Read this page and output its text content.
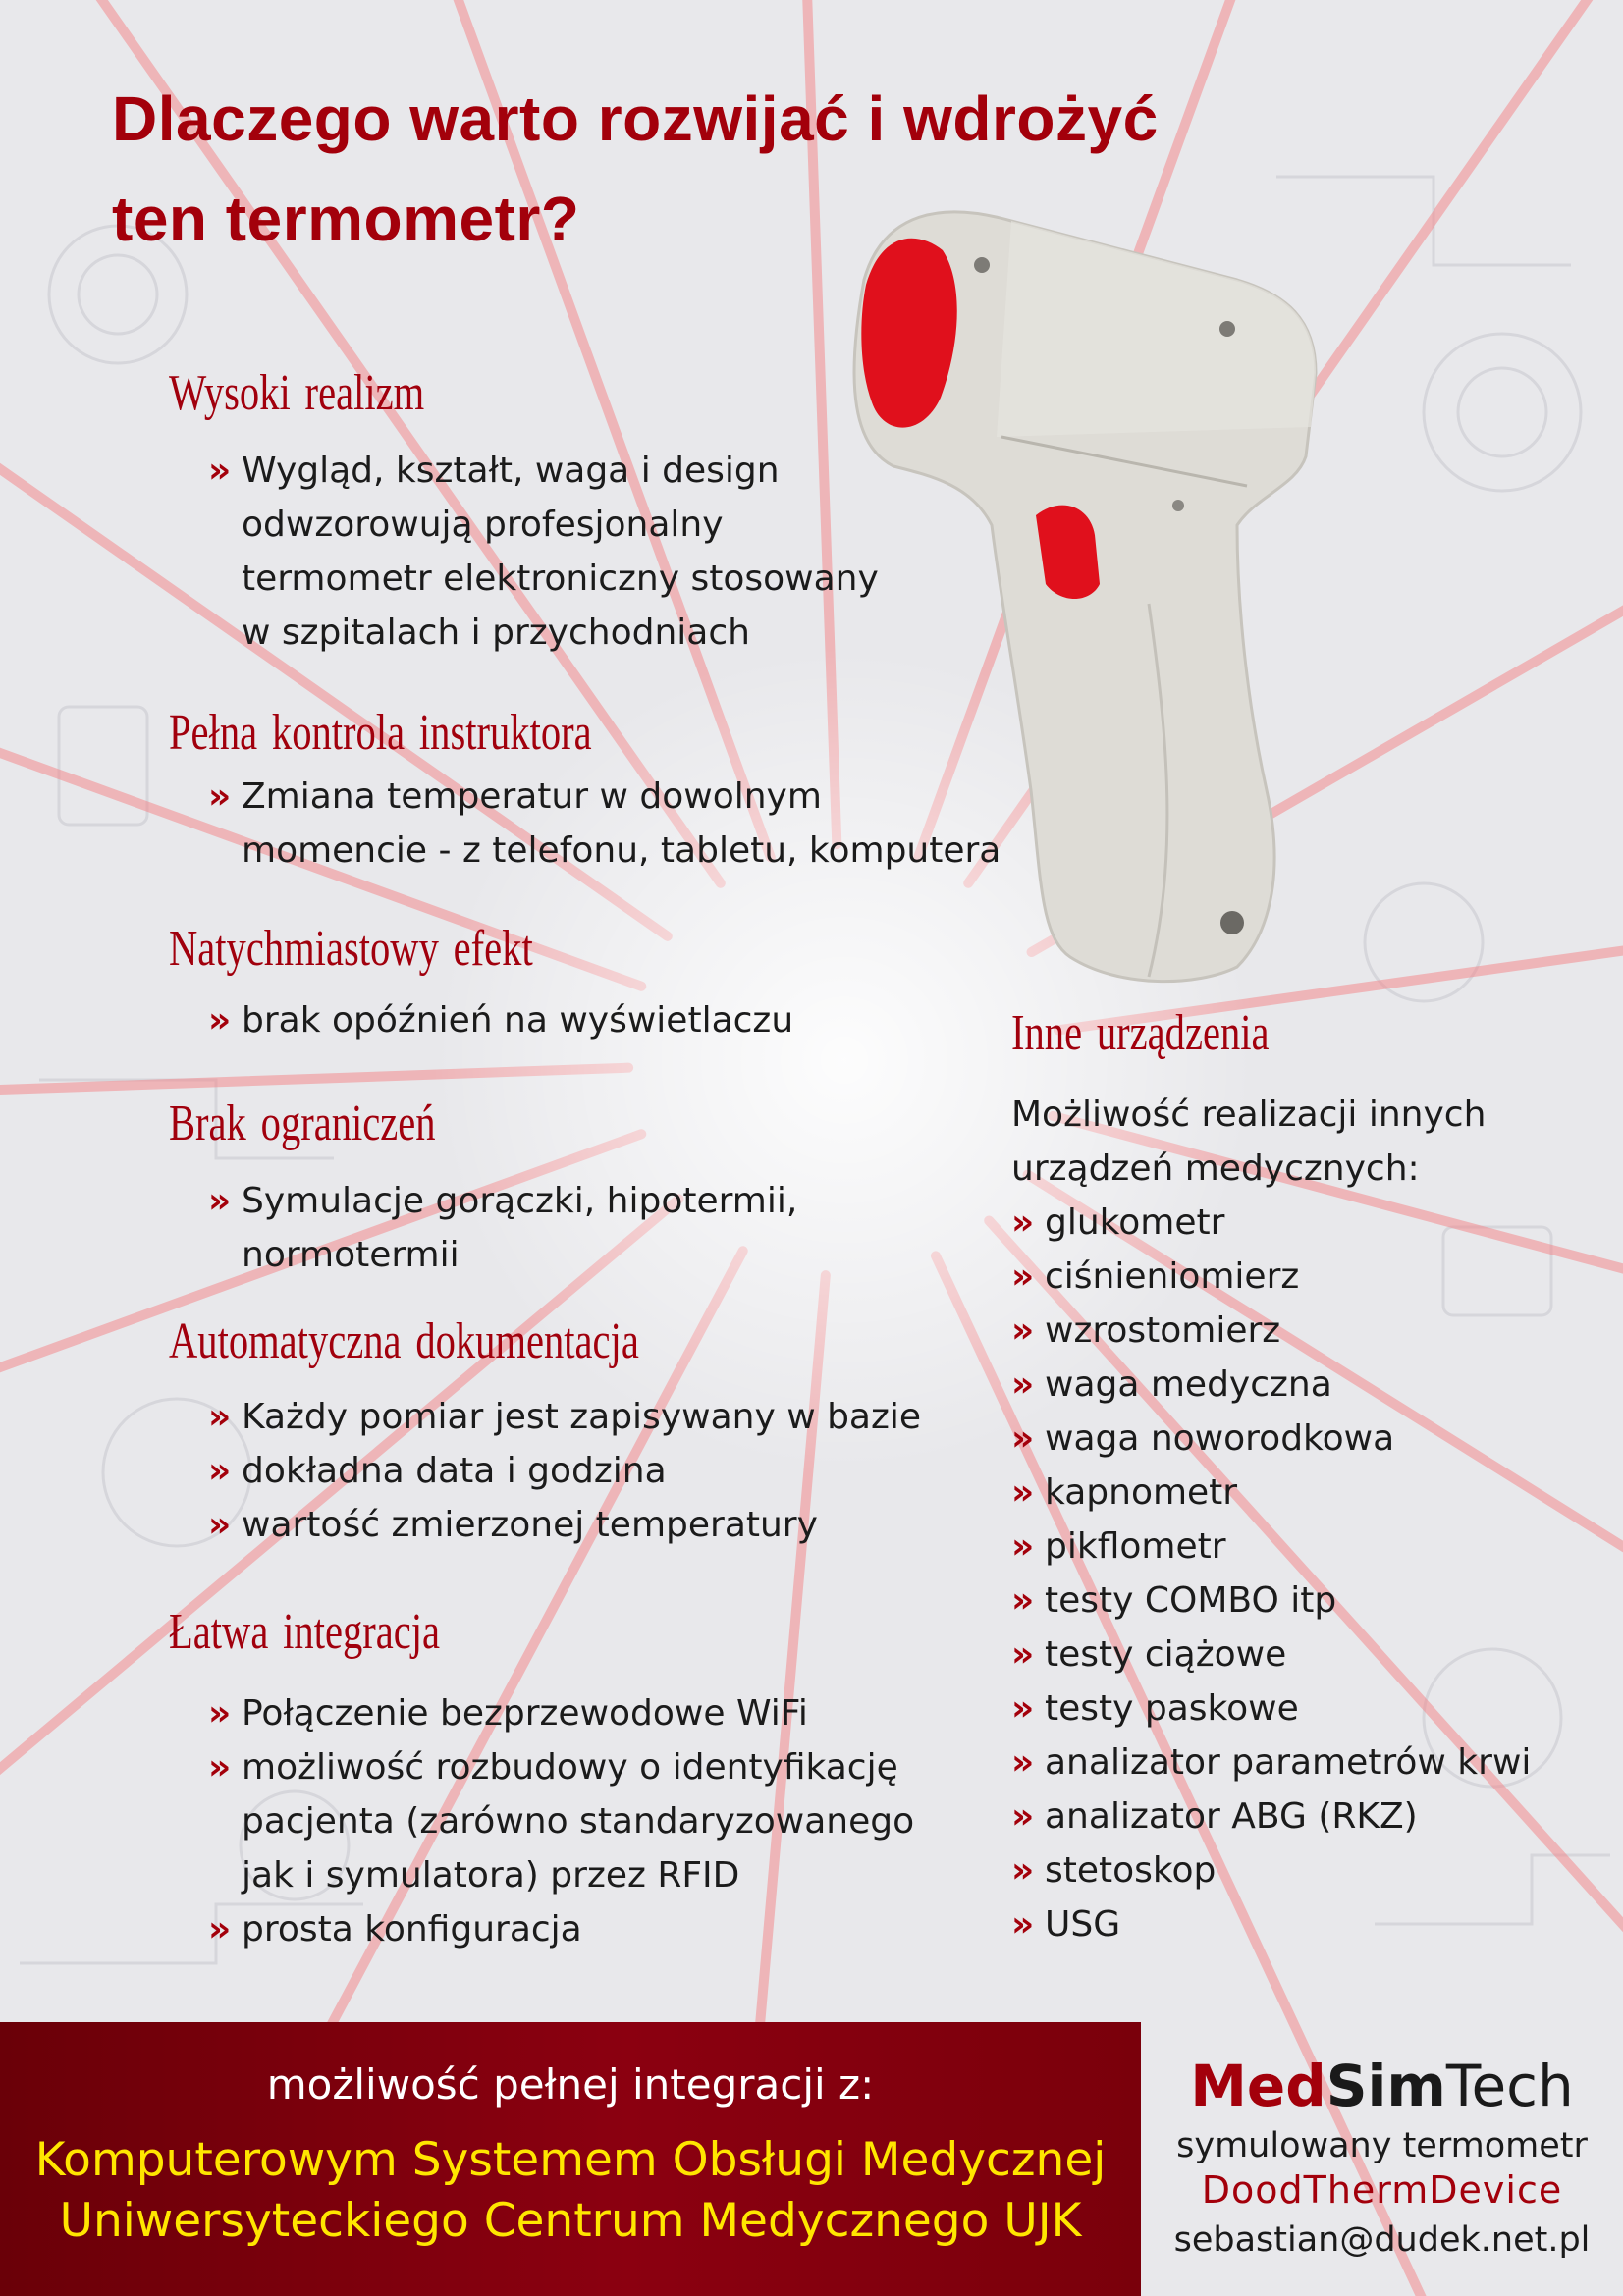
Dlaczego warto rozwijać i wdrożyć
ten termometr?
Wysoki realizm
» Wygląd, kształt, waga i design odwzorowują profesjonalny termometr elektroniczny stosowany w szpitalach i przychodniach
Pełna kontrola instruktora
» Zmiana temperatur w dowolnym momencie - z telefonu, tabletu, komputera
Natychmiastowy efekt
» brak opóźnień na wyświetlaczu
Brak ograniczeń
» Symulacje gorączki, hipotermii, normotermii
Automatyczna dokumentacja
» Każdy pomiar jest zapisywany w bazie
» dokładna data i godzina
» wartość zmierzonej temperatury
Łatwa integracja
» Połączenie bezprzewodowe WiFi
» możliwość rozbudowy o identyfikację pacjenta (zarówno standaryzowanego jak i symulatora) przez RFID
» prosta konfiguracja
Inne urządzenia

Możliwość realizacji innych urządzeń medycznych:

» glukometr
» ciśnieniomierz
» wzrostomierz
» waga medyczna
» waga noworodkowa
» kapnometr
» pikflometr
» testy COMBO itp
» testy ciążowe
» testy paskowe
» analizator parametrów krwi
» analizator ABG (RKZ)
» stetoskop
» USG
możliwość pełnej integracji z:
Komputerowym Systemem Obsługi Medycznej
Uniwersyteckiego Centrum Medycznego UJK
MedSimTech
symulowany termometr
DoodThermDevice
sebastian@dudek.net.pl
